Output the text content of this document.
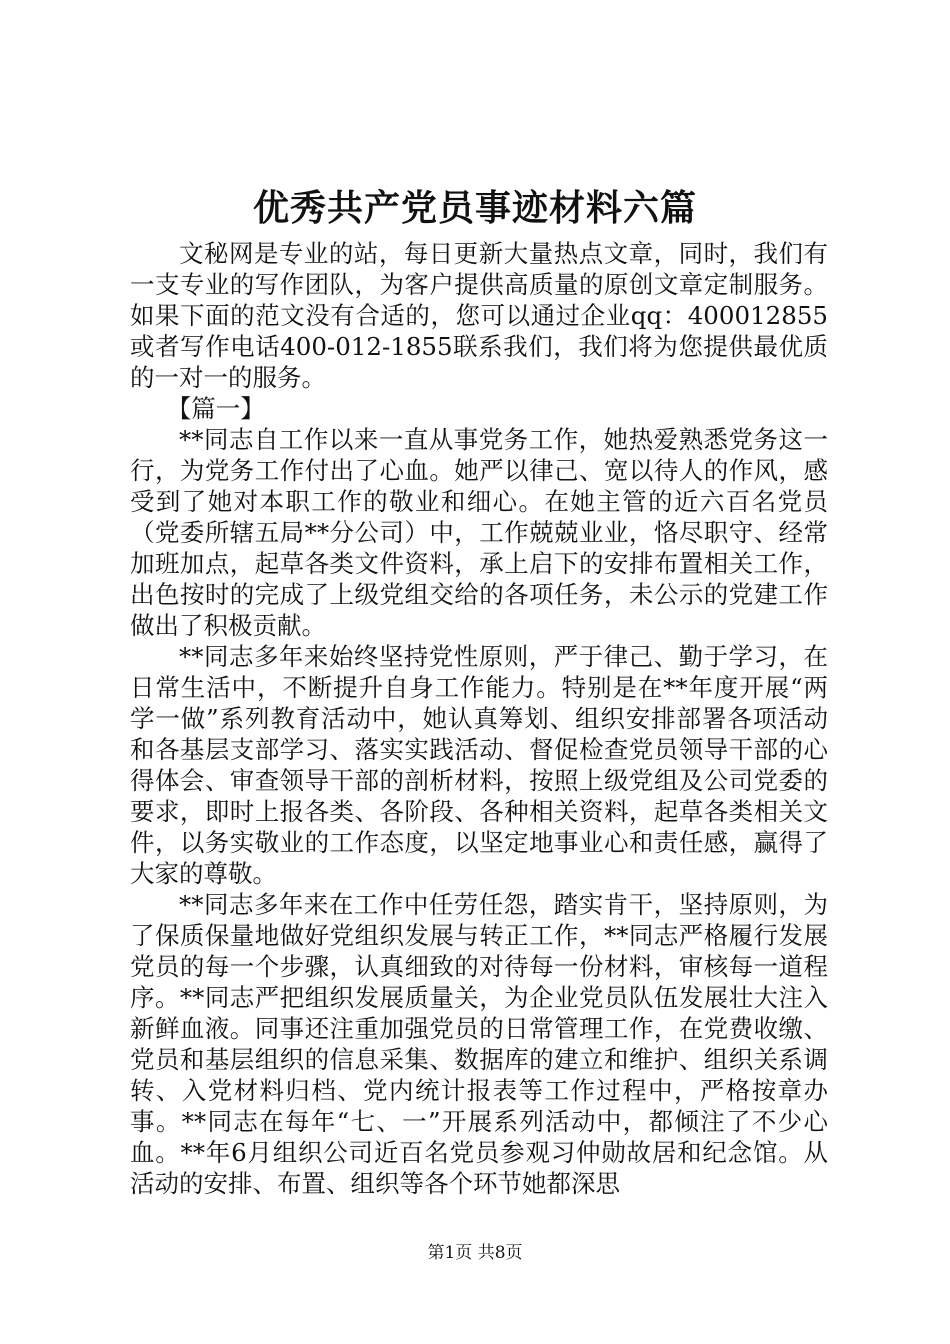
优秀共产党员事迹材料六篇

文秘网是专业的站，每日更新大量热点文章，同时，我们有一支专业的写作团队，为客户提供高质量的原创文章定制服务。如果下面的范文没有合适的，您可以通过企业qq：400012855或者写作电话400-012-1855联系我们，我们将为您提供最优质的一对一的服务。

【篇一】

**同志自工作以来一直从事党务工作，她热爱熟悉党务这一行，为党务工作付出了心血。她严以律己、宽以待人的作风，感受到了她对本职工作的敬业和细心。在她主管的近六百名党员（党委所辖五局**分公司）中，工作兢兢业业，恪尽职守、经常加班加点，起草各类文件资料，承上启下的安排布置相关工作，出色按时的完成了上级党组交给的各项任务，未公示的党建工作做出了积极贡献。

**同志多年来始终坚持党性原则，严于律己、勤于学习，在日常生活中，不断提升自身工作能力。特别是在**年度开展“两学一做”系列教育活动中，她认真筹划、组织安排部署各项活动和各基层支部学习、落实实践活动、督促检查党员领导干部的心得体会、审查领导干部的剖析材料，按照上级党组及公司党委的要求，即时上报各类、各阶段、各种相关资料，起草各类相关文件，以务实敬业的工作态度，以坚定地事业心和责任感，赢得了大家的尊敬。

**同志多年来在工作中任劳任怨，踏实肯干，坚持原则，为了保质保量地做好党组织发展与转正工作，**同志严格履行发展党员的每一个步骤，认真细致的对待每一份材料，审核每一道程序。**同志严把组织发展质量关，为企业党员队伍发展壮大注入新鲜血液。同事还注重加强党员的日常管理工作，在党费收缴、党员和基层组织的信息采集、数据库的建立和维护、组织关系调转、入党材料归档、党内统计报表等工作过程中，严格按章办事。**同志在每年“七、一”开展系列活动中，都倾注了不少心血。**年6月组织公司近百名党员参观习仲勋故居和纪念馆。从活动的安排、布置、组织等各个环节她都深思

第1页 共8页
